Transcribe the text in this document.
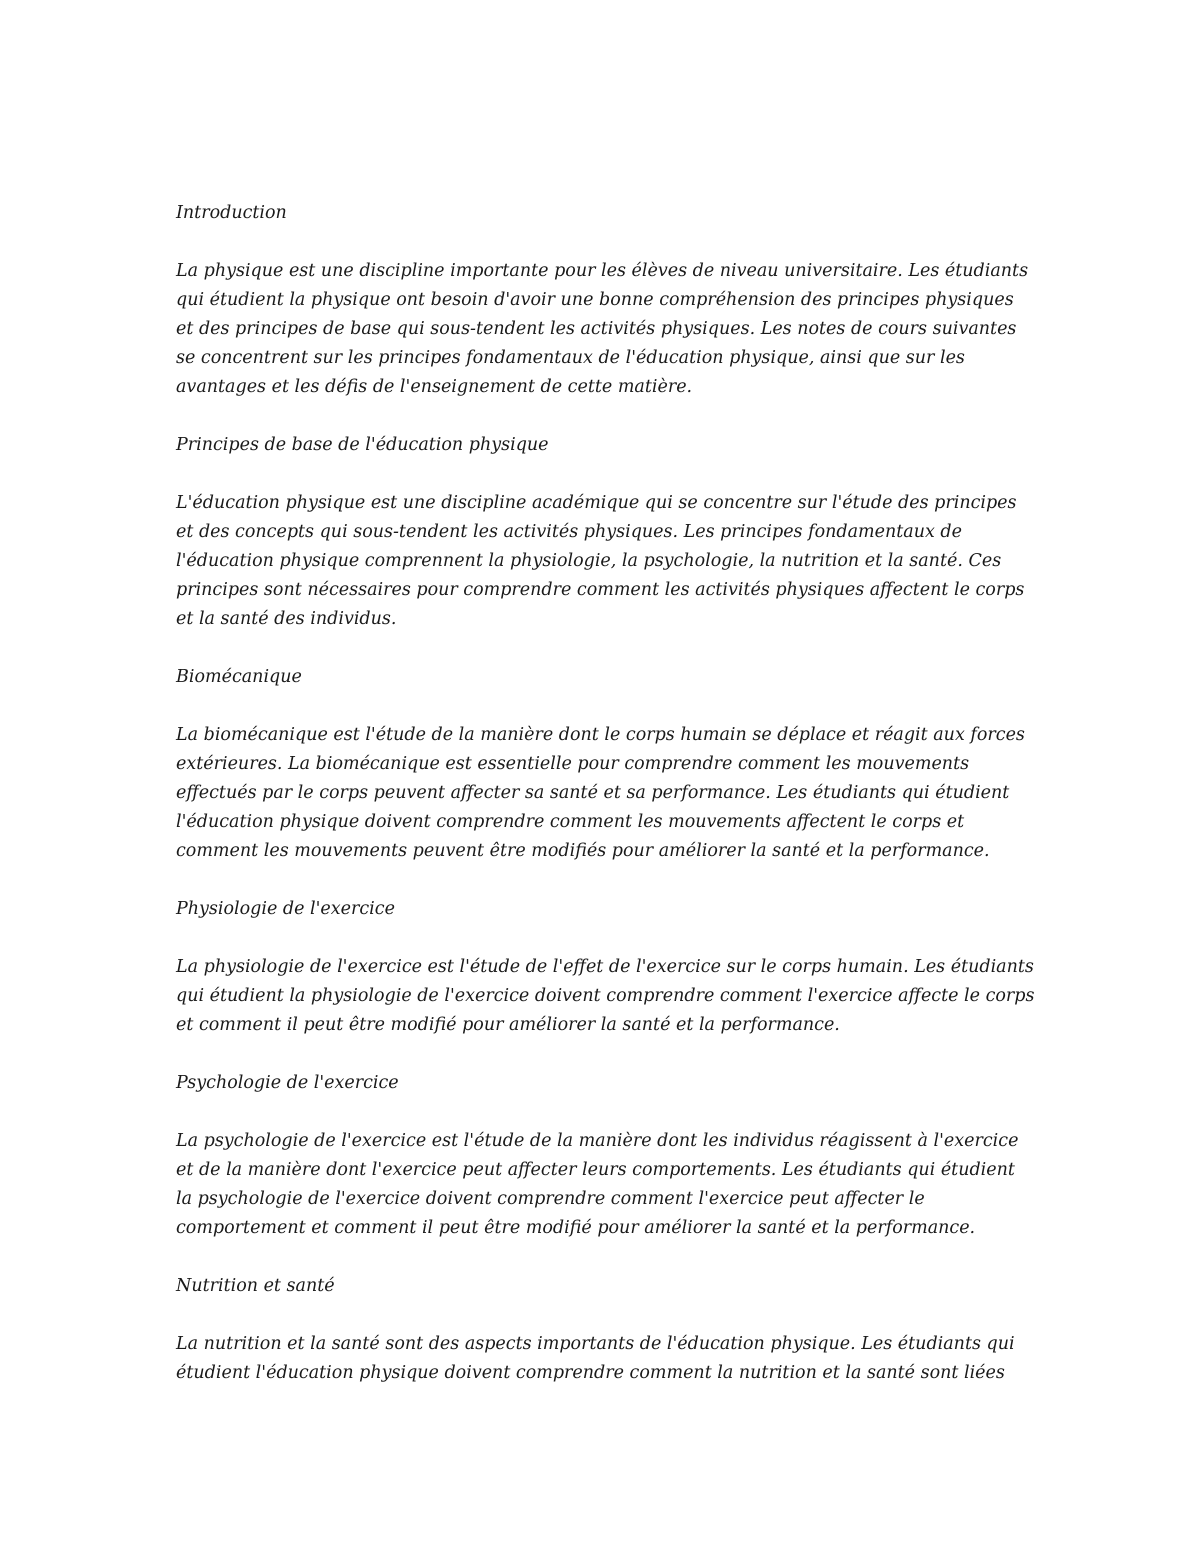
Introduction

La physique est une discipline importante pour les élèves de niveau universitaire. Les étudiants qui étudient la physique ont besoin d'avoir une bonne compréhension des principes physiques et des principes de base qui sous-tendent les activités physiques. Les notes de cours suivantes se concentrent sur les principes fondamentaux de l'éducation physique, ainsi que sur les avantages et les défis de l'enseignement de cette matière.

Principes de base de l'éducation physique

L'éducation physique est une discipline académique qui se concentre sur l'étude des principes et des concepts qui sous-tendent les activités physiques. Les principes fondamentaux de l'éducation physique comprennent la physiologie, la psychologie, la nutrition et la santé. Ces principes sont nécessaires pour comprendre comment les activités physiques affectent le corps et la santé des individus.

Biomécanique

La biomécanique est l'étude de la manière dont le corps humain se déplace et réagit aux forces extérieures. La biomécanique est essentielle pour comprendre comment les mouvements effectués par le corps peuvent affecter sa santé et sa performance. Les étudiants qui étudient l'éducation physique doivent comprendre comment les mouvements affectent le corps et comment les mouvements peuvent être modifiés pour améliorer la santé et la performance.

Physiologie de l'exercice

La physiologie de l'exercice est l'étude de l'effet de l'exercice sur le corps humain. Les étudiants qui étudient la physiologie de l'exercice doivent comprendre comment l'exercice affecte le corps et comment il peut être modifié pour améliorer la santé et la performance.

Psychologie de l'exercice

La psychologie de l'exercice est l'étude de la manière dont les individus réagissent à l'exercice et de la manière dont l'exercice peut affecter leurs comportements. Les étudiants qui étudient la psychologie de l'exercice doivent comprendre comment l'exercice peut affecter le comportement et comment il peut être modifié pour améliorer la santé et la performance.

Nutrition et santé

La nutrition et la santé sont des aspects importants de l'éducation physique. Les étudiants qui étudient l'éducation physique doivent comprendre comment la nutrition et la santé sont liées
